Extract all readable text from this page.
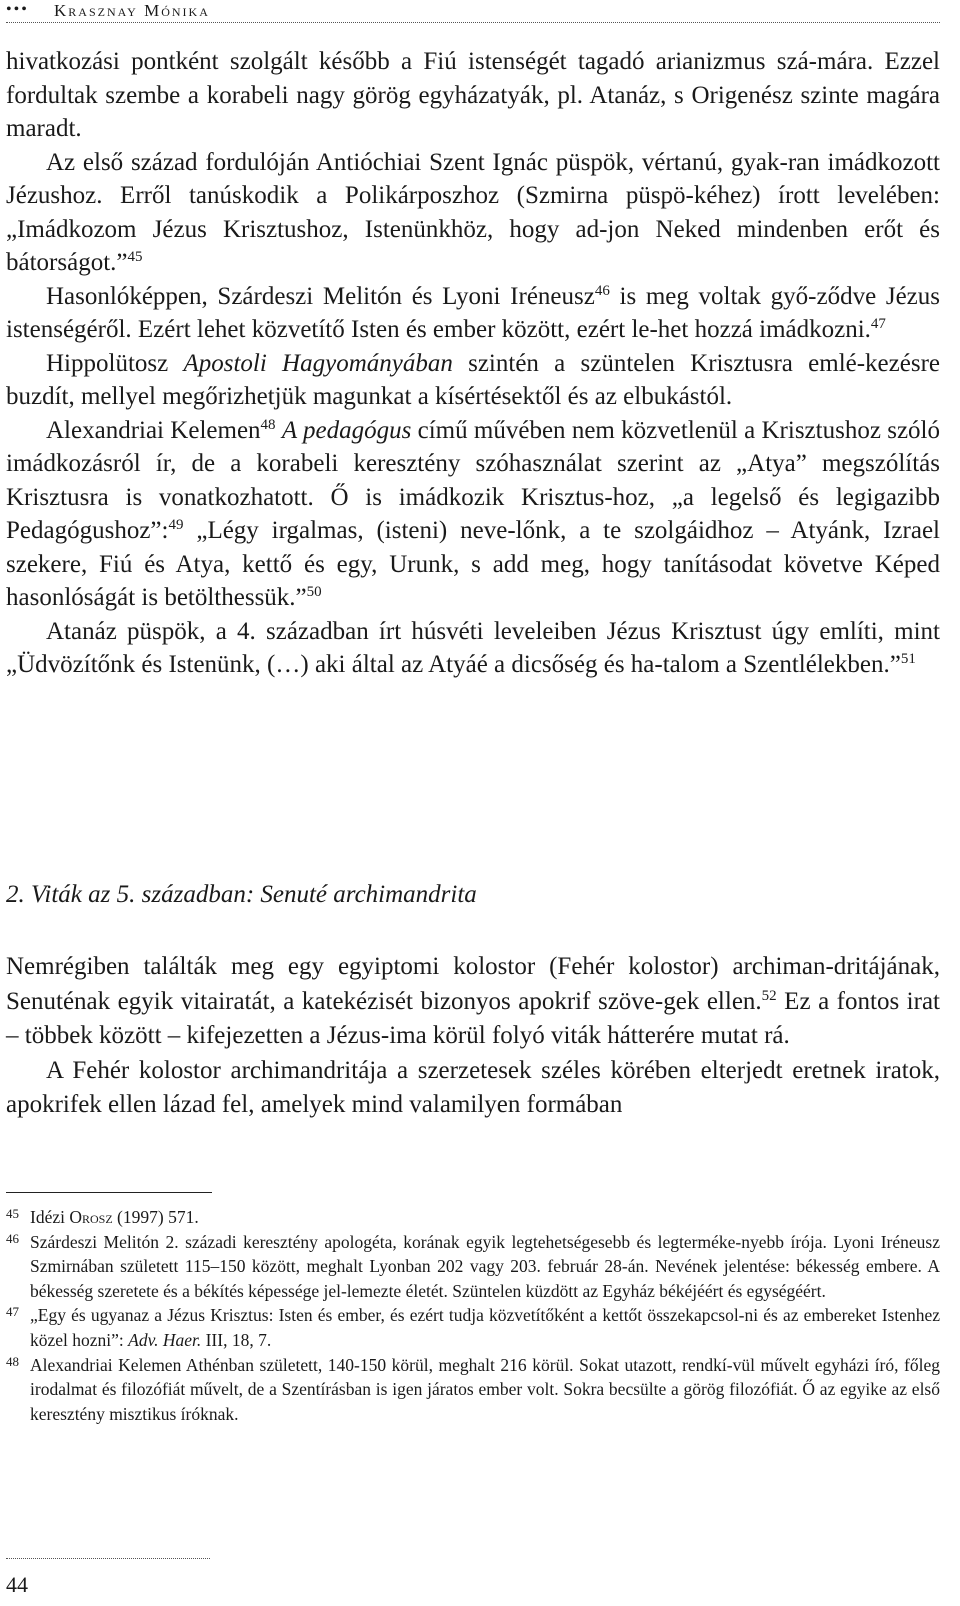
••• Krasznay Mónika

hivatkozási pontként szolgált később a Fiú istenségét tagadó arianizmus szá-mára. Ezzel fordultak szembe a korabeli nagy görög egyházatyák, pl. Atanáz, s Origenész szinte magára maradt.

Az első század fordulóján Antióchiai Szent Ignác püspök, vértanú, gyak-ran imádkozott Jézushoz. Erről tanúskodik a Polikárposzhoz (Szmirna püspö-kéhez) írott levelében: „Imádkozom Jézus Krisztushoz, Istenünkhöz, hogy ad-jon Neked mindenben erőt és bátorságot.”$^{45}$

Hasonlóképpen, Szárdeszi Melitón és Lyoni Iréneusz$^{46}$ is meg voltak győ-ződve Jézus istenségéről. Ezért lehet közvetítő Isten és ember között, ezért le-het hozzá imádkozni.$^{47}$

Hippolütosz Apostoli Hagyományában szintén a szüntelen Krisztusra emlé-kezésre buzdít, mellyel megőrizhetjük magunkat a kísértésektől és az elbukástól.

Alexandriai Kelemen$^{48}$ A pedagógus című művében nem közvetlenül a Krisztushoz szóló imádkozásról ír, de a korabeli keresztény szóhasználat szerint az „Atya” megszólítás Krisztusra is vonatkozhatott. Ő is imádkozik Krisztus-hoz, „a legelső és legigazibb Pedagógushoz”:$^{49}$ „Légy irgalmas, (isteni) neve-lőnk, a te szolgáidhoz – Atyánk, Izrael szekere, Fiú és Atya, kettő és egy, Urunk, s add meg, hogy tanításodat követve Képed hasonlóságát is betölthessük.”$^{50}$

Atanáz püspök, a 4. században írt húsvéti leveleiben Jézus Krisztust úgy említi, mint „Üdvözítőnk és Istenünk, (…) aki által az Atyáé a dicsőség és ha-talom a Szentlélekben.”$^{51}$

2. Viták az 5. században: Senuté archimandrita

Nemrégiben találták meg egy egyiptomi kolostor (Fehér kolostor) archiman-dritájának, Senuténak egyik vitairatát, a katekézisét bizonyos apokrif szöve-gek ellen.$^{52}$ Ez a fontos irat – többek között – kifejezetten a Jézus-ima körül folyó viták hátterére mutat rá.

A Fehér kolostor archimandritája a szerzetesek széles körében elterjedt eretnek iratok, apokrifek ellen lázad fel, amelyek mind valamilyen formában

45 Idézi Orosz (1997) 571.
46 Szárdeszi Melitón 2. századi keresztény apologéta, korának egyik legtehetségesebb és legterméke-nyebb írója. Lyoni Iréneusz Szmirnában született 115–150 között, meghalt Lyonban 202 vagy 203. február 28-án. Nevének jelentése: békesség embere. A békesség szeretete és a békítés képessége jel-lemezte életét. Szüntelen küzdött az Egyház békéjéért és egységéért.
47 „Egy és ugyanaz a Jézus Krisztus: Isten és ember, és ezért tudja közvetítőként a kettőt összekapcsol-ni és az embereket Istenhez közel hozni”: Adv. Haer. III, 18, 7.
48 Alexandriai Kelemen Athénban született, 140-150 körül, meghalt 216 körül. Sokat utazott, rendkí-vül művelt egyházi író, főleg irodalmat és filozófiát művelt, de a Szentírásban is igen járatos ember volt. Sokra becsülte a görög filozófiát. Ő az egyike az első keresztény misztikus íróknak.
44
